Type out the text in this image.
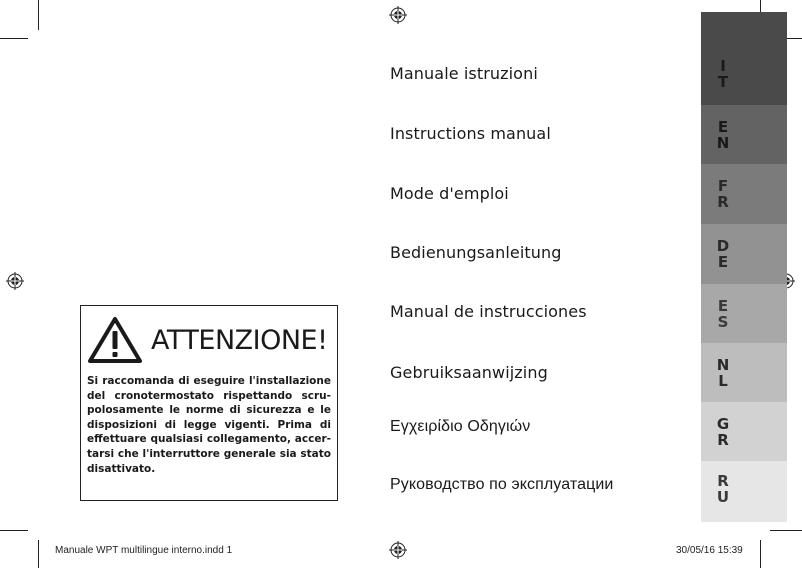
I
T
E
N
F
R
D
E
E
S
N
L
G
R
R
U
Manuale istruzioni
Instructions manual
Mode d'emploi
Bedienungsanleitung
Manual de instrucciones
Gebruiksaanwijzing
Εγχειρίδιο Οδηγιών
Руководство по эксплуатации
ATTENZIONE!
Si raccomanda di eseguire l'installazione del cronotermostato rispettando scru-polosamente le norme di sicurezza e le disposizioni di legge vigenti. Prima di effettuare qualsiasi collegamento, accer-tarsi che l'interruttore generale sia stato disattivato.
Manuale WPT multilingue interno.indd 1	30/05/16 15:39
